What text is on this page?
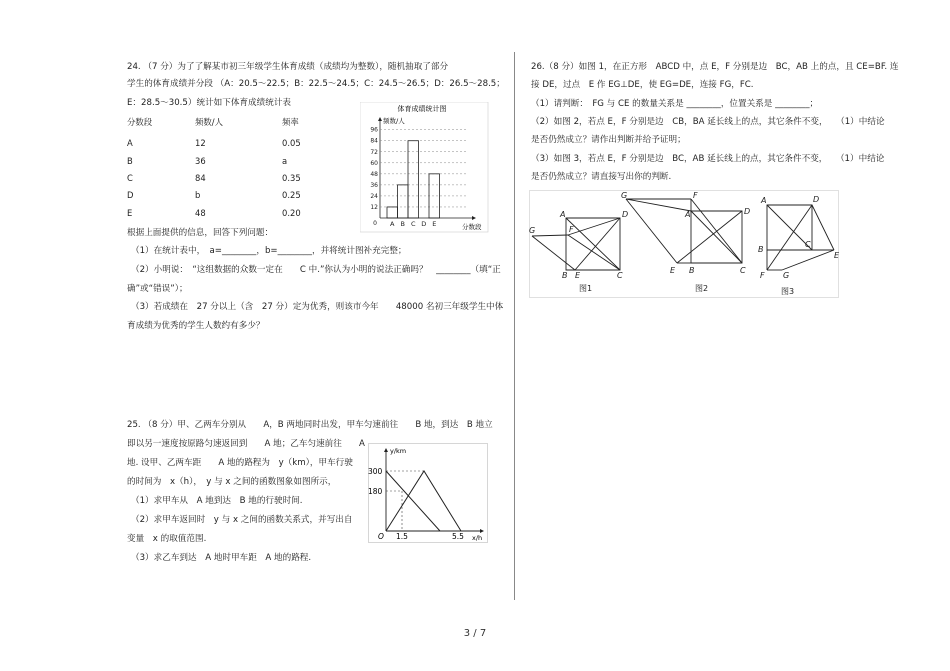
24. （7 分）为了了解某市初三年级学生体育成绩（成绩均为整数），随机抽取了部分
学生的体育成绩并分段 （A：20.5～22.5；B：22.5～24.5；C：24.5～26.5；D：26.5～28.5；
E：28.5～30.5）统计如下体育成绩统计表
分数段	频数/人	频率
A	12	0.05
B	36	a
C	84	0.35
D	b	0.25
E	48	0.20
体育成绩统计图
频数/人
分数段
12
24
36
48
60
72
84
96
0 A B C D E
根据上面提供的信息，回答下列问题：
（1）在统计表中，　a=________，b=________，并将统计图补充完整；
（2）小明说：　“这组数据的众数一定在　　C 中.”你认为小明的说法正确吗？　________（填“正
确”或“错误”）；
（3）若成绩在　27 分以上（含　27 分）定为优秀，则该市今年　　48000 名初三年级学生中体
育成绩为优秀的学生人数约有多少？
25. （8 分）甲、乙两车分别从　　A，B 两地同时出发，甲车匀速前往　　B 地，到达　B 地立
即以另一速度按原路匀速返回到　　A 地；乙车匀速前往　　A
地. 设甲、乙两车距　　A 地的路程为　y（km），甲车行驶
的时间为　x（h），　y 与 x 之间的函数图象如图所示，
（1）求甲车从　A 地到达　B 地的行驶时间.
（2）求甲车返回时　y 与 x 之间的函数关系式，并写出自
变量　x 的取值范围.
（3）求乙车到达　A 地时甲车距　A 地的路程.
y/km
x/h
O
300
180
1.5	5.5
26.（8 分）如图 1，在正方形　ABCD 中，点 E，F 分别是边　BC，AB 上的点，且 CE=BF. 连
接 DE，过点　E 作 EG⊥DE，使 EG=DE，连接 FG，FC.
（1）请判断：　FG 与 CE 的数量关系是 ________，位置关系是 ________；
（2）如图 2，若点 E，F 分别是边　CB，BA 延长线上的点，其它条件不变，　　（1）中结论
是否仍然成立？请作出判断并给予证明；
（3）如图 3，若点 E，F 分别是边　BC，AB 延长线上的点，其它条件不变，　　（1）中结论
是否仍然成立？请直接写出你的判断.
A	D
G	F
B E	C
G	F
A	D
E B	C
A	D
B
C
E
F G
图1	图2	图3
3 / 7
